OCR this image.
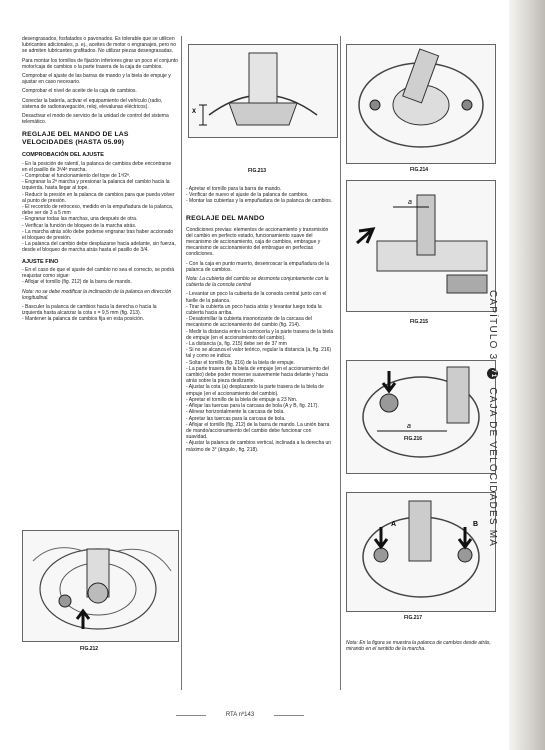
desengrasados, fosfatados o pavonados. Es tolerable que se utilicen lubricantes adicionales, p. ej., aceites de motor o engranajes, pero no se admiten lubricantes grafitados. No utilizar piezas desengrasadas.

Para montar los tornillos de fijación inferiores girar un poco el conjunto motor/caja de cambios o la parte trasera de la caja de cambios.

Comprobar el ajuste de las barras de mando y la biela de empuje y ajustar en caso necesario.

Comprobar el nivel de aceite de la caja de cambios.

Conectar la batería, activar el equipamiento del vehículo (radio, sistema de radionavegación, reloj, elevalunas eléctricos).

Desactivar el modo de servicio de la unidad de control del sistema telemático.

REGLAJE DEL MANDO DE LAS VELOCIDADES (HASTA 05.99)
COMPROBACIÓN DEL AJUSTE
- En la posición de ralentí, la palanca de cambios debe encontrarse en el pasillo de 3ª/4ª marcha.
- Comprobar el funcionamiento del tope de 1ª/2ª.
- Engranar la 2ª marcha y presionar la palanca del cambio hacia la izquierda, hasta llegar al tope.
- Reducir la presión en la palanca de cambios para que pueda volver al punto de presión.
- El recorrido de retroceso, medido en la empuñadura de la palanca, debe ser de 3 a 5 mm
- Engranar todas las marchas, una después de otra.
- Verificar la función de bloqueo de la marcha atrás.
- La marcha atrás sólo debe poderse engranar tras haber accionado el bloqueo de presión.
- La palanca del cambio debe desplazarse hacia adelante, sin fuerza, desde el bloqueo de marcha atrás hasta el pasillo de 3/4.
AJUSTE FINO
- En el caso de que el ajuste del cambio no sea el correcto, se podrá reajustar como sigue:
- Aflojar el tornillo (fig. 212) de la barra de mando.

Nota: no se debe modificar la inclinación de la palanca en dirección longitudinal.

- Basculer la palanca de cambios hacia la derecha o hacia la izquierda hasta alcanzar la cota x = 9,5 mm (fig. 213).
- Mantener la palanca de cambios fija en esta posición.
FIG.212
X
FIG.213
- Apretar el tornillo para la barra de mando.
- Verificar de nuevo el ajuste de la palanca de cambios.
- Montar las cubiertas y la empuñadura de la palanca de cambios.
REGLAJE DEL MANDO

Condiciones previas: elementos de accionamiento y transmisión del cambio en perfecto estado, funcionamiento suave del mecanismo de accionamiento, caja de cambios, embrague y mecanismo de accionamiento del embrague en perfectas condiciones.

- Con la caja en punto muerto, desenroscar la empuñadura de la palanca de cambios.

Nota: La cubierta del cambio se desmonta conjuntamente con la cubierta de la consola central

- Levantar un poco la cubierta de la consola central junto con el fuelle de la palanca.
- Tirar la cubierta un poco hacia atrás y levantar luego toda la cubierta hacia arriba.
- Desatornillar la cubierta insonorizante de la carcasa del mecanismo de accionamiento del cambio (fig. 214).
- Medir la distancia entre la carrocería y la parte trasera de la biela de empuje (en el accionamiento del cambio).
- La distancia (a, fig. 215) debe ser de 37 mm
- Si no se alcanza el valor teórico, regular la distancia (a, fig. 216) tal y como se indica:
- Soltar el tornillo (fig. 216) de la biela de empuje.
- La parte trasera de la biela de empuje (en el accionamiento del cambio) debe poder moverse suavemente hacia delante y hacia atrás sobre la pieza deslizante.
- Ajustar la cota (a) desplazando la parte trasera de la biela de empuje (en el accionamiento del cambio).
- Apretar el tornillo de la biela de empuje a 23 Nm.
- Aflojar las tuercas para la carcasa de bola (A y B, fig. 217).
- Alinear horizontalmente la carcasa de bola.
- Apretar las tuercas para la carcasa de bola.
- Aflojar el tornillo (fig. 212) de la barra de mando. La unión barra de mando/accionamiento del cambio debe funcionar con suavidad.
- Ajustar la palanca de cambios vertical, inclinada a la derecha un máximo de 3° (ángulo , fig. 218).
FIG.214
a
FIG.215
a
FIG.216
A	B
FIG.217
Nota: En la figura se muestra la palanca de cambios desde atrás, mirando en el sentido de la marcha.
CAPÍTULO 3 71 CAJA DE VELOCIDADES MA
RTA nº143
